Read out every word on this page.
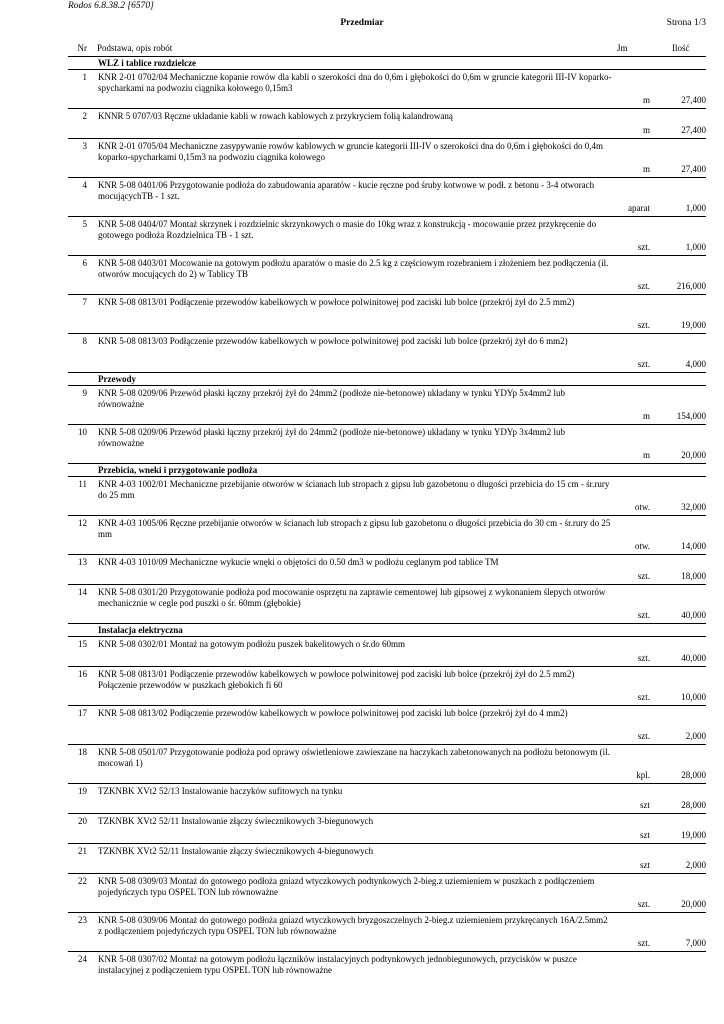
Rodos 6.8.38.2 [6570]
Przedmiar	Strona 1/3
Nr	Podstawa, opis robót	Jm	Ilość
	WLZ i tablice rozdzielcze		
1	KNR 2-01 0702/04 Mechaniczne kopanie rowów dla kabli o szerokości dna do 0,6m i głębokości do 0,6m w gruncie kategorii III-IV koparko-spycharkami na podwoziu ciągnika kołowego 0,15m3	m	27,400
2	KNNR 5 0707/03 Ręczne układanie kabli w rowach kablowych z przykryciem folią kalandrowaną	m	27,400
3	KNR 2-01 0705/04 Mechaniczne zasypywanie rowów kablowych w gruncie kategorii III-IV o szerokości dna do 0,6m i głębokości do 0,4m koparko-spycharkami 0,15m3 na podwoziu ciągnika kołowego	m	27,400
4	KNR 5-08 0401/06 Przygotowanie podłoża do zabudowania aparatów - kucie ręczne pod śruby kotwowe w podł. z betonu - 3-4 otworach mocującychTB - 1 szt.	aparat	1,000
5	KNR 5-08 0404/07 Montaż skrzynek i rozdzielnic skrzynkowych o masie do 10kg wraz z konstrukcją - mocowanie przez przykręcenie do gotowego podłoża Rozdzielnica TB - 1 szt.	szt.	1,000
6	KNR 5-08 0403/01 Mocowanie na gotowym podłożu aparatów o masie do 2.5 kg z częściowym rozebraniem i złożeniem bez podłączenia (il. otworów mocujących do 2) w Tablicy TB	szt.	216,000
7	KNR 5-08 0813/01 Podłączenie przewodów kabelkowych w powłoce polwinitowej pod zaciski lub bolce (przekrój żył do 2.5 mm2)	szt.	19,000
8	KNR 5-08 0813/03 Podłączenie przewodów kabelkowych w powłoce polwinitowej pod zaciski lub bolce (przekrój żył do 6 mm2)	szt.	4,000
	Przewody		
9	KNR 5-08 0209/06 Przewód płaski łączny przekrój żył do 24mm2 (podłoże nie-betonowe) układany w tynku YDYp 5x4mm2 lub równoważne	m	154,000
10	KNR 5-08 0209/06 Przewód płaski łączny przekrój żył do 24mm2 (podłoże nie-betonowe) układany w tynku YDYp 3x4mm2 lub równoważne	m	20,000
	Przebicia, wneki i przygotowanie podłoża		
11	KNR 4-03 1002/01 Mechaniczne przebijanie otworów w ścianach lub stropach z gipsu lub gazobetonu o długości przebicia do 15 cm - śr.rury do 25 mm	otw.	32,000
12	KNR 4-03 1005/06 Ręczne przebijanie otworów w ścianach lub stropach z gipsu lub gazobetonu o długości przebicia do 30 cm - śr.rury do 25 mm	otw.	14,000
13	KNR 4-03 1010/09 Mechaniczne wykucie wnęki o objętości do 0.50 dm3 w podłożu ceglanym pod tablice TM	szt.	18,000
14	KNR 5-08 0301/20 Przygotowanie podłoża pod mocowanie osprzętu na zaprawie cementowej lub gipsowej z wykonaniem ślepych otworów mechanicznie w cegle pod puszki o śr. 60mm (głębokie)	szt.	40,000
	Instalacja elektryczna		
15	KNR 5-08 0302/01 Montaż na gotowym podłożu puszek bakelitowych o śr.do 60mm	szt.	40,000
16	KNR 5-08 0813/01 Podłączenie przewodów kabelkowych w powłoce polwinitowej pod zaciski lub bolce (przekrój żył do 2.5 mm2) Połączenie przewodów w puszkach głebokich fi 60	szt.	10,000
17	KNR 5-08 0813/02 Podłączenie przewodów kabelkowych w powłoce polwinitowej pod zaciski lub bolce (przekrój żył do 4 mm2)	szt.	2,000
18	KNR 5-08 0501/07 Przygotowanie podłoża pod oprawy oświetleniowe zawieszane na haczykach zabetonowanych na podłożu betonowym (il. mocowań 1)	kpl.	28,000
19	TZKNBK XVt2 52/13 Instalowanie haczyków sufitowych na tynku	szt	28,000
20	TZKNBK XVt2 52/11 Instalowanie złączy świecznikowych 3-biegunowych	szt	19,000
21	TZKNBK XVt2 52/11 Instalowanie złączy świecznikowych 4-biegunowych	szt	2,000
22	KNR 5-08 0309/03 Montaż do gotowego podłoża gniazd wtyczkowych podtynkowych 2-bieg.z uziemieniem w puszkach z podłączeniem pojedyńczych typu OSPEL TON lub równoważne	szt.	20,000
23	KNR 5-08 0309/06 Montaż do gotowego podłoża gniazd wtyczkowych bryzgoszczelnych 2-bieg.z uziemieniem przykręcanych 16A/2.5mm2 z podłączeniem pojedyńczych typu OSPEL TON lub równoważne	szt.	7,000
24	KNR 5-08 0307/02 Montaż na gotowym podłożu łączników instalacyjnych podtynkowych jednobiegunowych, przycisków w puszce instalacyjnej z podłączeniem typu OSPEL TON lub równoważne		
